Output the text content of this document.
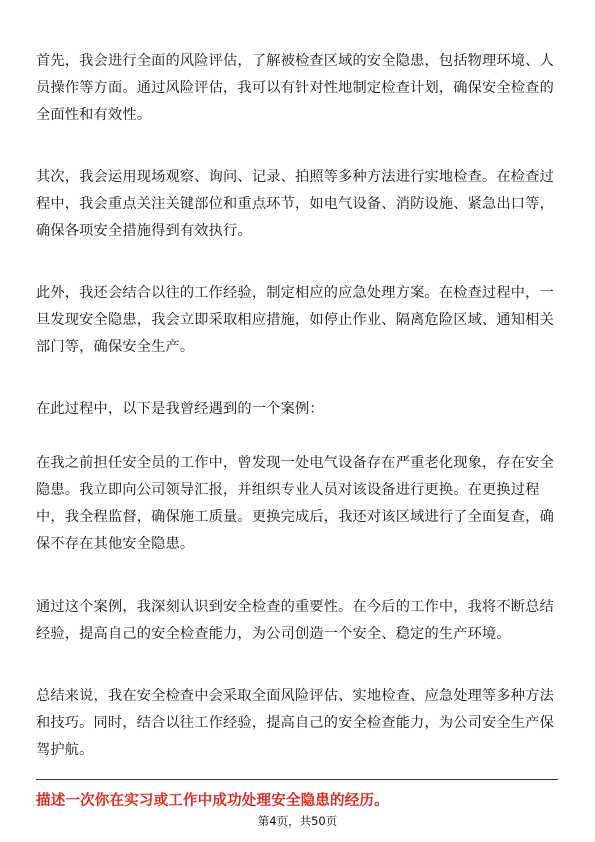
首先，我会进行全面的风险评估，了解被检查区域的安全隐患，包括物理环境、人员操作等方面。通过风险评估，我可以有针对性地制定检查计划，确保安全检查的全面性和有效性。

其次，我会运用现场观察、询问、记录、拍照等多种方法进行实地检查。在检查过程中，我会重点关注关键部位和重点环节，如电气设备、消防设施、紧急出口等，确保各项安全措施得到有效执行。

此外，我还会结合以往的工作经验，制定相应的应急处理方案。在检查过程中，一旦发现安全隐患，我会立即采取相应措施，如停止作业、隔离危险区域、通知相关部门等，确保安全生产。

在此过程中，以下是我曾经遇到的一个案例：

在我之前担任安全员的工作中，曾发现一处电气设备存在严重老化现象，存在安全隐患。我立即向公司领导汇报，并组织专业人员对该设备进行更换。在更换过程中，我全程监督，确保施工质量。更换完成后，我还对该区域进行了全面复查，确保不存在其他安全隐患。

通过这个案例，我深刻认识到安全检查的重要性。在今后的工作中，我将不断总结经验，提高自己的安全检查能力，为公司创造一个安全、稳定的生产环境。

总结来说，我在安全检查中会采取全面风险评估、实地检查、应急处理等多种方法和技巧。同时，结合以往工作经验，提高自己的安全检查能力，为公司安全生产保驾护航。

描述一次你在实习或工作中成功处理安全隐患的经历。

第4页，共50页
